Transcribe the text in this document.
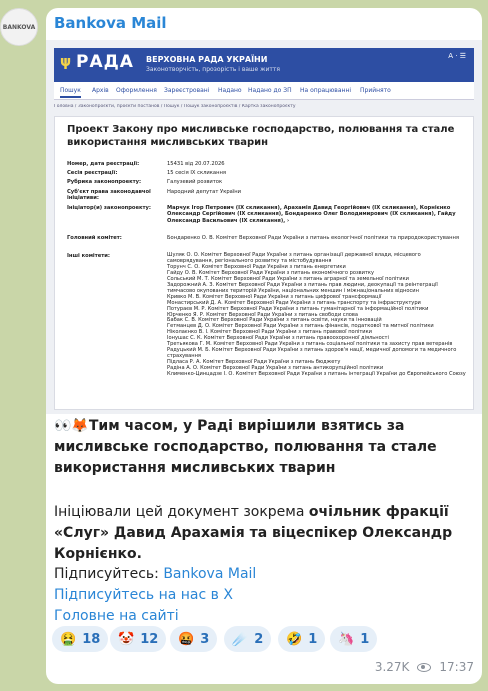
BANKOVA Bankova Mail
ψ РАДА ВЕРХОВНА РАДА УКРАЇНИ
Законотворчість, прозорість і ваше життя
A · ☰
Пошук Архів Оформлення Зареєстровані Надано Надано до ЗП На опрацюванні Прийнято
Головна / Законопроєкти, проєкти постанов / Пошук / Пошук законопроєктів / Картка законопроєкту
Проект Закону про мисливське господарство, полювання та стале використання мисливських тварин
Номер, дата реєстрації:	15431 від 20.07.2026
Сесія реєстрації:	15 сесія IX скликання
Рубрика законопроекту:	Галузевий розвиток
Суб'єкт права законодавчої ініціативи:
Народний депутат України
Ініціатор(и) законопроекту:	Марчук Ігор Петрович (IX скликання), Арахамія Давид Георгійович (IX скликання), Корнієнко Олександр Сергійович (IX скликання), Бондаренко Олег Володимирович (IX скликання), Гайду Олександр Васильович (IX скликання), ›
Головний комітет:	Бондаренко О. В. Комітет Верховної Ради України з питань екологічної політики та природокористування
Інші комітети:	Шуляк О. О. Комітет Верховної Ради України з питань організації державної влади, місцевого самоврядування, регіонального розвитку та містобудування
Торунч С. О. Комітет Верховної Ради України з питань енергетики
Гайду О. В. Комітет Верховної Ради України з питань економічного розвитку
Сольський М. Т. Комітет Верховної Ради України з питань аграрної та земельної політики
Задорожний А. З. Комітет Верховної Ради України з питань прав людини, деокупації та реінтеграції тимчасово окупованих територій України, національних меншин і міжнаціональних відносин
Кривко М. В. Комітет Верховної Ради України з питань цифрової трансформації
Монастирський Д. А. Комітет Верховної Ради України з питань транспорту та інфраструктури
Потураєв М. Р. Комітет Верховної Ради України з питань гуманітарної та інформаційної політики
Юрченко Я. Р. Комітет Верховної Ради України з питань свободи слова
Бабак С. В. Комітет Верховної Ради України з питань освіти, науки та інновацій
Гетманцев Д. О. Комітет Верховної Ради України з питань фінансів, податкової та митної політики
Ніколаєнко В. І. Комітет Верховної Ради України з питань правової політики
Іонушас С. К. Комітет Верховної Ради України з питань правоохоронної діяльності
Третьякова Г. М. Комітет Верховної Ради України з питань соціальної політики та захисту прав ветеранів
Радуцький М. Б. Комітет Верховної Ради України з питань здоров'я нації, медичної допомоги та медичного страхування
Підласа Р. А. Комітет Верховної Ради України з питань бюджету
Радіна А. О. Комітет Верховної Ради України з питань антикорупційної політики
Клименко-Цинцадзе І. О. Комітет Верховної Ради України з питань інтеграції України до Європейського Союзу
👀🦊Тим часом, у Раді вирішили взятись за мисливське господарство, полювання та стале використання мисливських тварин
Ініціювали цей документ зокрема очільник фракції «Слуг» Давид Арахамія та віцеспікер Олександр Корнієнко.
Підписуйтесь: Bankova Mail
Підписуйтесь на нас в Х
Головне на сайті
🤮 18 🤡 12 🤬 3 ☄️ 2 🤣 1 🦄 1
3.27K	17:37
